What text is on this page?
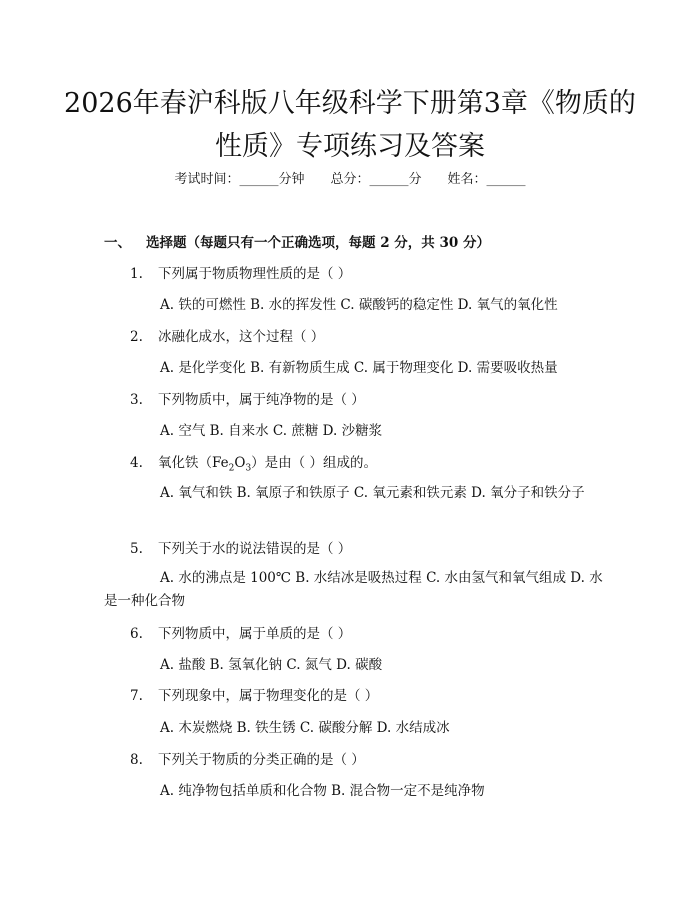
2026年春沪科版八年级科学下册第3章《物质的性质》专项练习及答案
考试时间：______分钟 总分：______分 姓名：______
一、 选择题（每题只有一个正确选项，每题 2 分，共 30 分）
1. 下列属于物质物理性质的是（ ）
A. 铁的可燃性 B. 水的挥发性 C. 碳酸钙的稳定性 D. 氧气的氧化性
2. 冰融化成水，这个过程（ ）
A. 是化学变化 B. 有新物质生成 C. 属于物理变化 D. 需要吸收热量
3. 下列物质中，属于纯净物的是（ ）
A. 空气 B. 自来水 C. 蔗糖 D. 沙糖浆
4. 氧化铁$(Fe_2O_3)$是由（ ）组成的。
A. 氧气和铁 B. 氧原子和铁原子 C. 氧元素和铁元素 D. 氧分子和铁分子
5. 下列关于水的说法错误的是（ ）
A. 水的沸点是 100℃ B. 水结冰是吸热过程 C. 水由氢气和氧气组成 D. 水是一种化合物
6. 下列物质中，属于单质的是（ ）
A. 盐酸 B. 氢氧化钠 C. 氮气 D. 碳酸
7. 下列现象中，属于物理变化的是（ ）
A. 木炭燃烧 B. 铁生锈 C. 碳酸分解 D. 水结成冰
8. 下列关于物质的分类正确的是（ ）
A. 纯净物包括单质和化合物 B. 混合物一定不是纯净物
